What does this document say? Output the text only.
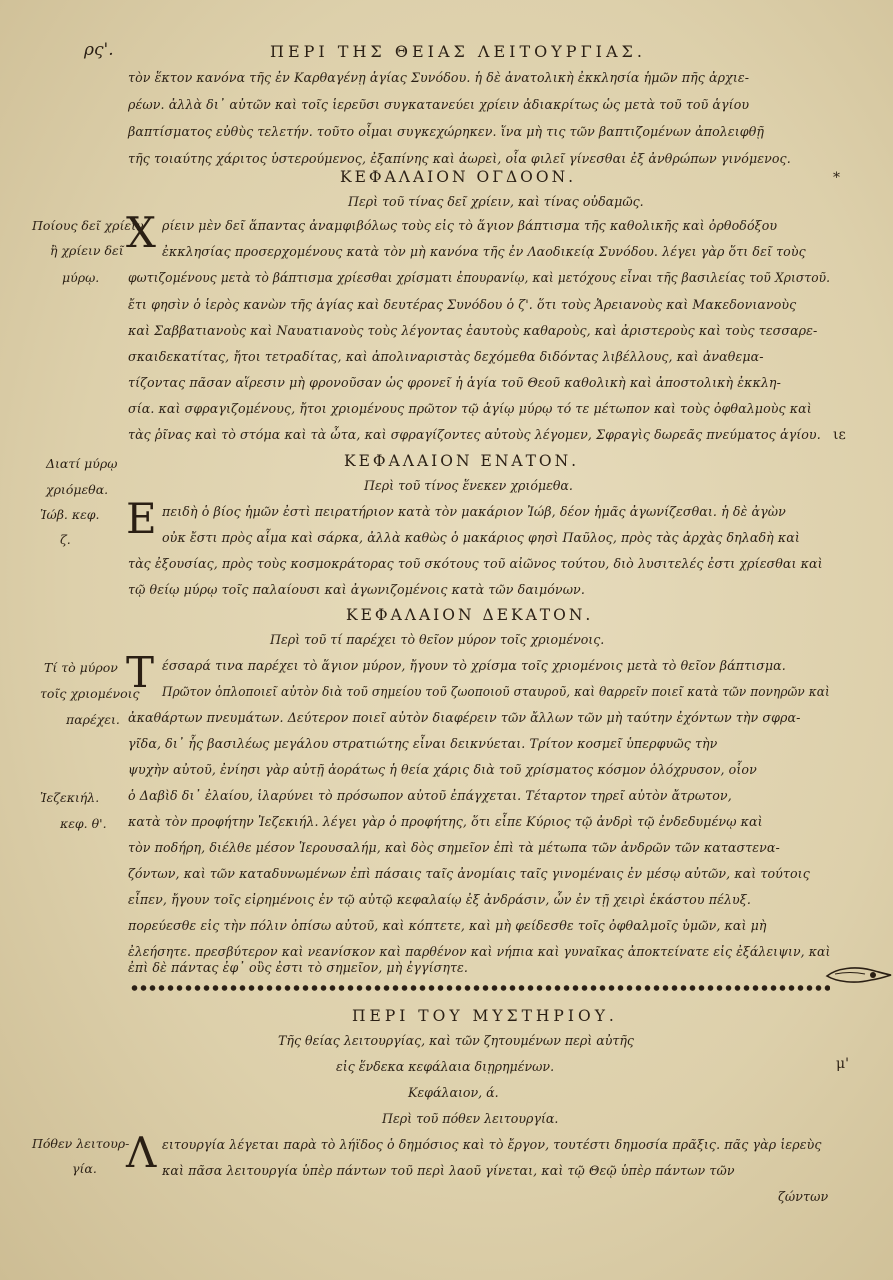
ρς'.	ΠΕΡΙ ΤΗΣ ΘΕΙΑΣ ΛΕΙΤΟΥΡΓΙΑΣ.
τὸν ἕκτον κανόνα τῆς ἐν Καρθαγένῃ ἁγίας Συνόδου. ἡ δὲ ἀνατολικὴ ἐκκλησία ἡμῶν πῆς ἀρχιε-
ρέων. ἀλλὰ δι᾽ αὐτῶν καὶ τοῖς ἱερεῦσι συγκατανεύει χρίειν ἀδιακρίτως ὡς μετὰ τοῦ τοῦ ἁγίου
βαπτίσματος εὐθὺς τελετήν. τοῦτο οἶμαι συγκεχώρηκεν. ἵνα μὴ τις τῶν βαπτιζομένων ἀπολειφθῇ
τῆς τοιαύτης χάριτος ὑστερούμενος, ἐξαπίνης καὶ ἀωρεὶ, οἷα φιλεῖ γίνεσθαι ἐξ ἀνθρώπων γινόμενος.
*
ΚΕΦΑΛΑΙΟΝ ΟΓΔΟΟΝ.
Περὶ τοῦ τίνας δεῖ χρίειν, καὶ τίνας οὐδαμῶς.
Ποίους δεῖ χρίειν
ἢ χρίειν δεῖ
μύρῳ.
Χ ρίειν μὲν δεῖ ἅπαντας ἀναμφιβόλως τοὺς εἰς τὸ ἅγιον βάπτισμα τῆς καθολικῆς καὶ ὀρθοδόξου
ἐκκλησίας προσερχομένους κατὰ τὸν μὴ κανόνα τῆς ἐν Λαοδικείᾳ Συνόδου. λέγει γὰρ ὅτι δεῖ τοὺς
φωτιζομένους μετὰ τὸ βάπτισμα χρίεσθαι χρίσματι ἐπουρανίῳ, καὶ μετόχους εἶναι τῆς βασιλείας τοῦ Χριστοῦ.
ἔτι φησὶν ὁ ἱερὸς κανὼν τῆς ἁγίας καὶ δευτέρας Συνόδου ὁ ζ'. ὅτι τοὺς Ἀρειανοὺς καὶ Μακεδονιανοὺς
καὶ Σαββατιανοὺς καὶ Ναυατιανοὺς τοὺς λέγοντας ἑαυτοὺς καθαροὺς, καὶ ἀριστεροὺς καὶ τοὺς τεσσαρε-
σκαιδεκατίτας, ἤτοι τετραδίτας, καὶ ἀπολιναριστὰς δεχόμεθα διδόντας λιβέλλους, καὶ ἀναθεμα-
τίζοντας πᾶσαν αἵρεσιν μὴ φρονοῦσαν ὡς φρονεῖ ἡ ἁγία τοῦ Θεοῦ καθολικὴ καὶ ἀποστολικὴ ἐκκλη-
σία. καὶ σφραγιζομένους, ἤτοι χριομένους πρῶτον τῷ ἁγίῳ μύρῳ τό τε μέτωπον καὶ τοὺς ὀφθαλμοὺς καὶ
τὰς ῥῖνας καὶ τὸ στόμα καὶ τὰ ὦτα, καὶ σφραγίζοντες αὐτοὺς λέγομεν, Σφραγὶς δωρεᾶς πνεύματος ἁγίου. ιε
ΚΕΦΑΛΑΙΟΝ ΕΝΑΤΟΝ.
Περὶ τοῦ τίνος ἕνεκεν χριόμεθα.
Διατί μύρῳ
χριόμεθα.
Ἰώβ. κεφ.
ζ. Ε πειδὴ ὁ βίος ἡμῶν ἐστὶ πειρατήριον κατὰ τὸν μακάριον Ἰώβ, δέον ἡμᾶς ἀγωνίζεσθαι. ἡ δὲ ἀγὼν
οὐκ ἔστι πρὸς αἷμα καὶ σάρκα, ἀλλὰ καθὼς ὁ μακάριος φησὶ Παῦλος, πρὸς τὰς ἀρχὰς δηλαδὴ καὶ
τὰς ἐξουσίας, πρὸς τοὺς κοσμοκράτορας τοῦ σκότους τοῦ αἰῶνος τούτου, διὸ λυσιτελές ἐστι χρίεσθαι καὶ
τῷ θείῳ μύρῳ τοῖς παλαίουσι καὶ ἀγωνιζομένοις κατὰ τῶν δαιμόνων.
ΚΕΦΑΛΑΙΟΝ ΔΕΚΑΤΟΝ.
Περὶ τοῦ τί παρέχει τὸ θεῖον μύρον τοῖς χριομένοις.
Τί τὸ μύρον
τοῖς χριομένοις
παρέχει.
Ἰεζεκιήλ.
κεφ. θ'.
Τ έσσαρά τινα παρέχει τὸ ἅγιον μύρον, ἤγουν τὸ χρίσμα τοῖς χριομένοις μετὰ τὸ θεῖον βάπτισμα.
Πρῶτον ὁπλοποιεῖ αὐτὸν διὰ τοῦ σημείου τοῦ ζωοποιοῦ σταυροῦ, καὶ θαρρεῖν ποιεῖ κατὰ τῶν πονηρῶν καὶ
ἀκαθάρτων πνευμάτων. Δεύτερον ποιεῖ αὐτὸν διαφέρειν τῶν ἄλλων τῶν μὴ ταύτην ἐχόντων τὴν σφρα-
γῖδα, δι᾽ ἧς βασιλέως μεγάλου στρατιώτης εἶναι δεικνύεται. Τρίτον κοσμεῖ ὑπερφυῶς τὴν
ψυχὴν αὐτοῦ, ἐνίησι γὰρ αὐτῇ ἀοράτως ἡ θεία χάρις διὰ τοῦ χρίσματος κόσμον ὁλόχρυσον, οἷον
ὁ Δαβὶδ δι᾽ ἐλαίου, ἱλαρύνει τὸ πρόσωπον αὐτοῦ ἐπάγχεται. Τέταρτον τηρεῖ αὐτὸν ἄτρωτον,
κατὰ τὸν προφήτην Ἰεζεκιήλ. λέγει γὰρ ὁ προφήτης, ὅτι εἶπε Κύριος τῷ ἀνδρὶ τῷ ἐνδεδυμένῳ καὶ
τὸν ποδήρη, διέλθε μέσον Ἱερουσαλήμ, καὶ δὸς σημεῖον ἐπὶ τὰ μέτωπα τῶν ἀνδρῶν τῶν καταστενα-
ζόντων, καὶ τῶν καταδυνωμένων ἐπὶ πάσαις ταῖς ἀνομίαις ταῖς γινομέναις ἐν μέσῳ αὐτῶν, καὶ τούτοις
εἶπεν, ἤγουν τοῖς εἰρημένοις ἐν τῷ αὐτῷ κεφαλαίῳ ἐξ ἀνδράσιν, ὧν ἐν τῇ χειρὶ ἑκάστου πέλυξ.
πορεύεσθε εἰς τὴν πόλιν ὀπίσω αὐτοῦ, καὶ κόπτετε, καὶ μὴ φείδεσθε τοῖς ὀφθαλμοῖς ὑμῶν, καὶ μὴ
ἐλεήσητε. πρεσβύτερον καὶ νεανίσκον καὶ παρθένον καὶ νήπια καὶ γυναῖκας ἀποκτείνατε εἰς ἐξάλειψιν, καὶ
ἐπὶ δὲ πάντας ἐφ᾽ οὓς ἐστι τὸ σημεῖον, μὴ ἐγγίσητε.
ΠΕΡΙ ΤΟΥ ΜΥΣΤΗΡΙΟΥ.
Τῆς θείας λειτουργίας, καὶ τῶν ζητουμένων περὶ αὐτῆς
εἰς ἕνδεκα κεφάλαια διῃρημένων.	μ'
Κεφάλαιον, ά.
Περὶ τοῦ πόθεν λειτουργία.
Πόθεν λειτουρ-
γία. Λ ειτουργία λέγεται παρὰ τὸ λήϊδος ὁ δημόσιος καὶ τὸ ἔργον, τουτέστι δημοσία πρᾶξις. πᾶς γὰρ ἱερεὺς
καὶ πᾶσα λειτουργία ὑπὲρ πάντων τοῦ περὶ λαοῦ γίνεται, καὶ τῷ Θεῷ ὑπὲρ πάντων τῶν
ζώντων
